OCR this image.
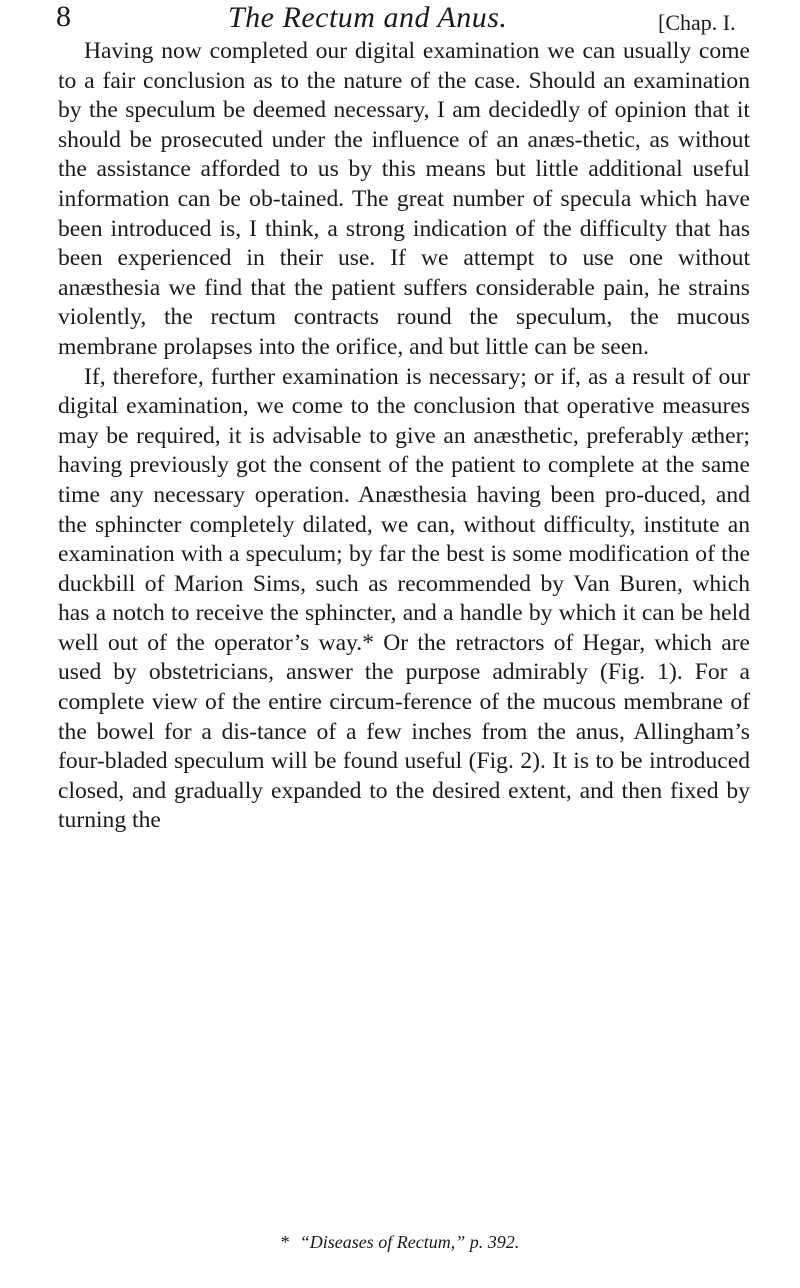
8	The Rectum and Anus.	[Chap. I.

Having now completed our digital examination we can usually come to a fair conclusion as to the nature of the case. Should an examination by the speculum be deemed necessary, I am decidedly of opinion that it should be prosecuted under the influence of an anæs-thetic, as without the assistance afforded to us by this means but little additional useful information can be ob-tained. The great number of specula which have been introduced is, I think, a strong indication of the difficulty that has been experienced in their use. If we attempt to use one without anæsthesia we find that the patient suffers considerable pain, he strains violently, the rectum contracts round the speculum, the mucous membrane prolapses into the orifice, and but little can be seen.

If, therefore, further examination is necessary; or if, as a result of our digital examination, we come to the conclusion that operative measures may be required, it is advisable to give an anæsthetic, preferably æther; having previously got the consent of the patient to complete at the same time any necessary operation. Anæsthesia having been pro-duced, and the sphincter completely dilated, we can, without difficulty, institute an examination with a speculum; by far the best is some modification of the duckbill of Marion Sims, such as recommended by Van Buren, which has a notch to receive the sphincter, and a handle by which it can be held well out of the operator’s way.* Or the retractors of Hegar, which are used by obstetricians, answer the purpose admirably (Fig. 1). For a complete view of the entire circum-ference of the mucous membrane of the bowel for a dis-tance of a few inches from the anus, Allingham’s four-bladed speculum will be found useful (Fig. 2). It is to be introduced closed, and gradually expanded to the desired extent, and then fixed by turning the

* “Diseases of Rectum,” p. 392.
